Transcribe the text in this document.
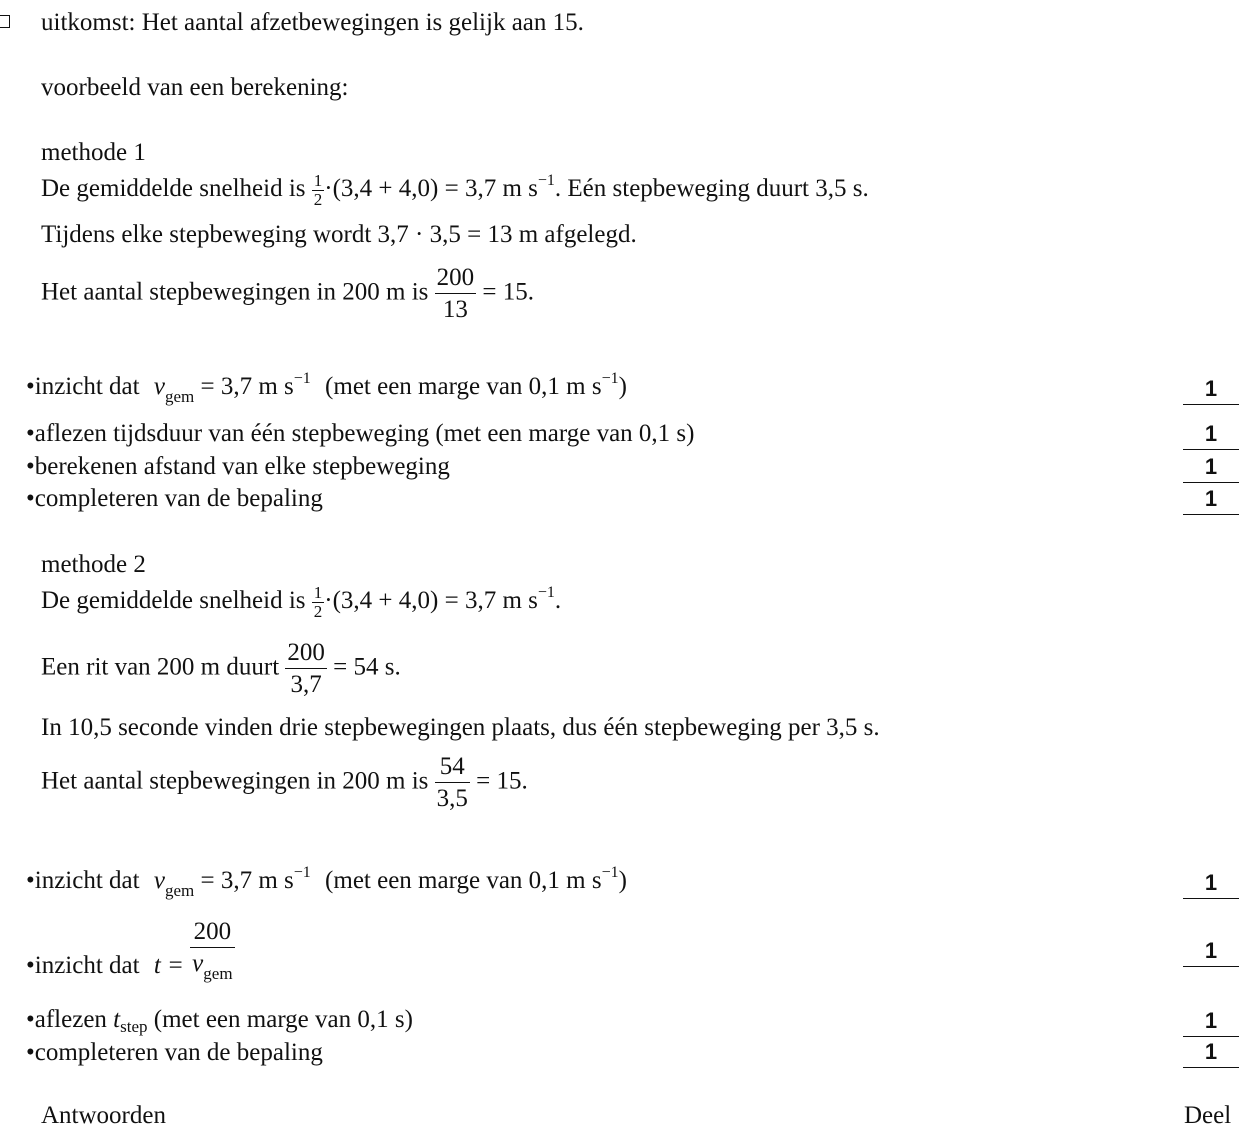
uitkomst: Het aantal afzetbewegingen is gelijk aan 15.
voorbeeld van een berekening:
methode 1
De gemiddelde snelheid is $\frac{1}{2} \cdot(3,4 + 4,0) = 3,7$ m $s^{-1}$. Eén stepbeweging duurt 3,5 s.
Tijdens elke stepbeweging wordt 3,7 · 3,5 = 13 m afgelegd.
Het aantal stepbewegingen in 200 m is $\frac{200}{13} = 15$.
•inzicht dat $v_{gem} = 3,7$ m $s^{-1}$ (met een marge van 0,1 m $s^{-1}$)	1
•aflezen tijdsduur van één stepbeweging (met een marge van 0,1 s)	1
•berekenen afstand van elke stepbeweging	1
•completeren van de bepaling	1
methode 2
De gemiddelde snelheid is $\frac{1}{2} \cdot(3,4 + 4,0) = 3,7$ m $s^{-1}$.
Een rit van 200 m duurt $\frac{200}{3,7} = 54$ s.
In 10,5 seconde vinden drie stepbewegingen plaats, dus één stepbeweging per 3,5 s.
Het aantal stepbewegingen in 200 m is $\frac{54}{3,5} = 15$.
•inzicht dat $v_{gem} = 3,7$ m $s^{-1}$ (met een marge van 0,1 m $s^{-1}$)	1
•inzicht dat $t = \frac{200}{v_{gem}}$	1
•aflezen $t_{step}$ (met een marge van 0,1 s)	1
•completeren van de bepaling	1
Antwoorden	Deel
